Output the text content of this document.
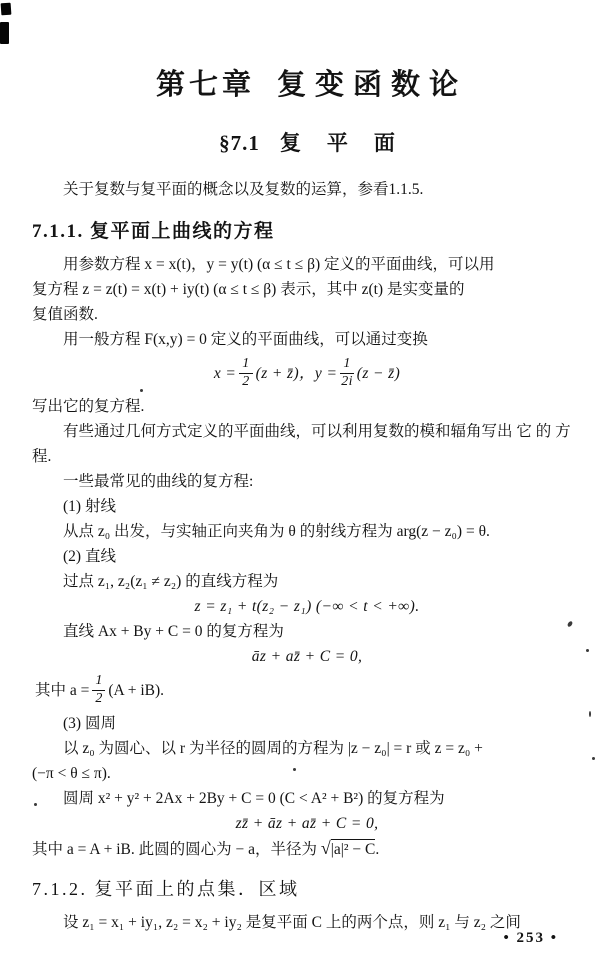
第七章 复变函数论
§7.1 复平面
关于复数与复平面的概念以及复数的运算，参看1.1.5.
7.1.1. 复平面上曲线的方程
用参数方程 x = x(t)，y = y(t) (α ≤ t ≤ β) 定义的平面曲线，可以用
复方程 z = z(t) = x(t) + iy(t) (α ≤ t ≤ β) 表示，其中 z(t) 是实变量的
复值函数.
用一般方程 F(x,y) = 0 定义的平面曲线，可以通过变换
$x = \frac{1}{2} (z$ + z̄)，$y = \frac{1}{2i} (z$ − z̄)
写出它的复方程.
有些通过几何方式定义的平面曲线，可以利用复数的模和辐角写出 它 的 方
程.
一些最常见的曲线的复方程:
(1) 射线
从点 z₀ 出发，与实轴正向夹角为 θ 的射线方程为 arg(z − z₀) = θ.
(2) 直线
过点 z₁, z₂(z₁ ≠ z₂) 的直线方程为
z = z₁ + t(z₂ − z₁) (−∞ < t < +∞).
直线 Ax + By + C = 0 的复方程为
āz + az̄ + C = 0,
其中 $a = \frac{1}{2} (A + iB)$.
(3) 圆周
以 z₀ 为圆心、以 r 为半径的圆周的方程为 |z − z₀| = r 或 z = z₀ +
(−π < θ ≤ π).
圆周 x² + y² + 2Ax + 2By + C = 0 (C < A² + B²) 的复方程为
zz̄ + āz + az̄ + C = 0,
其中 a = A + iB. 此圆的圆心为 − a，半径为 √|a|² − C.
7.1.2. 复平面上的点集．区域
设 z₁ = x₁ + iy₁, z₂ = x₂ + iy₂ 是复平面 C 上的两个点，则 z₁ 与 z₂ 之间
• 253 •
